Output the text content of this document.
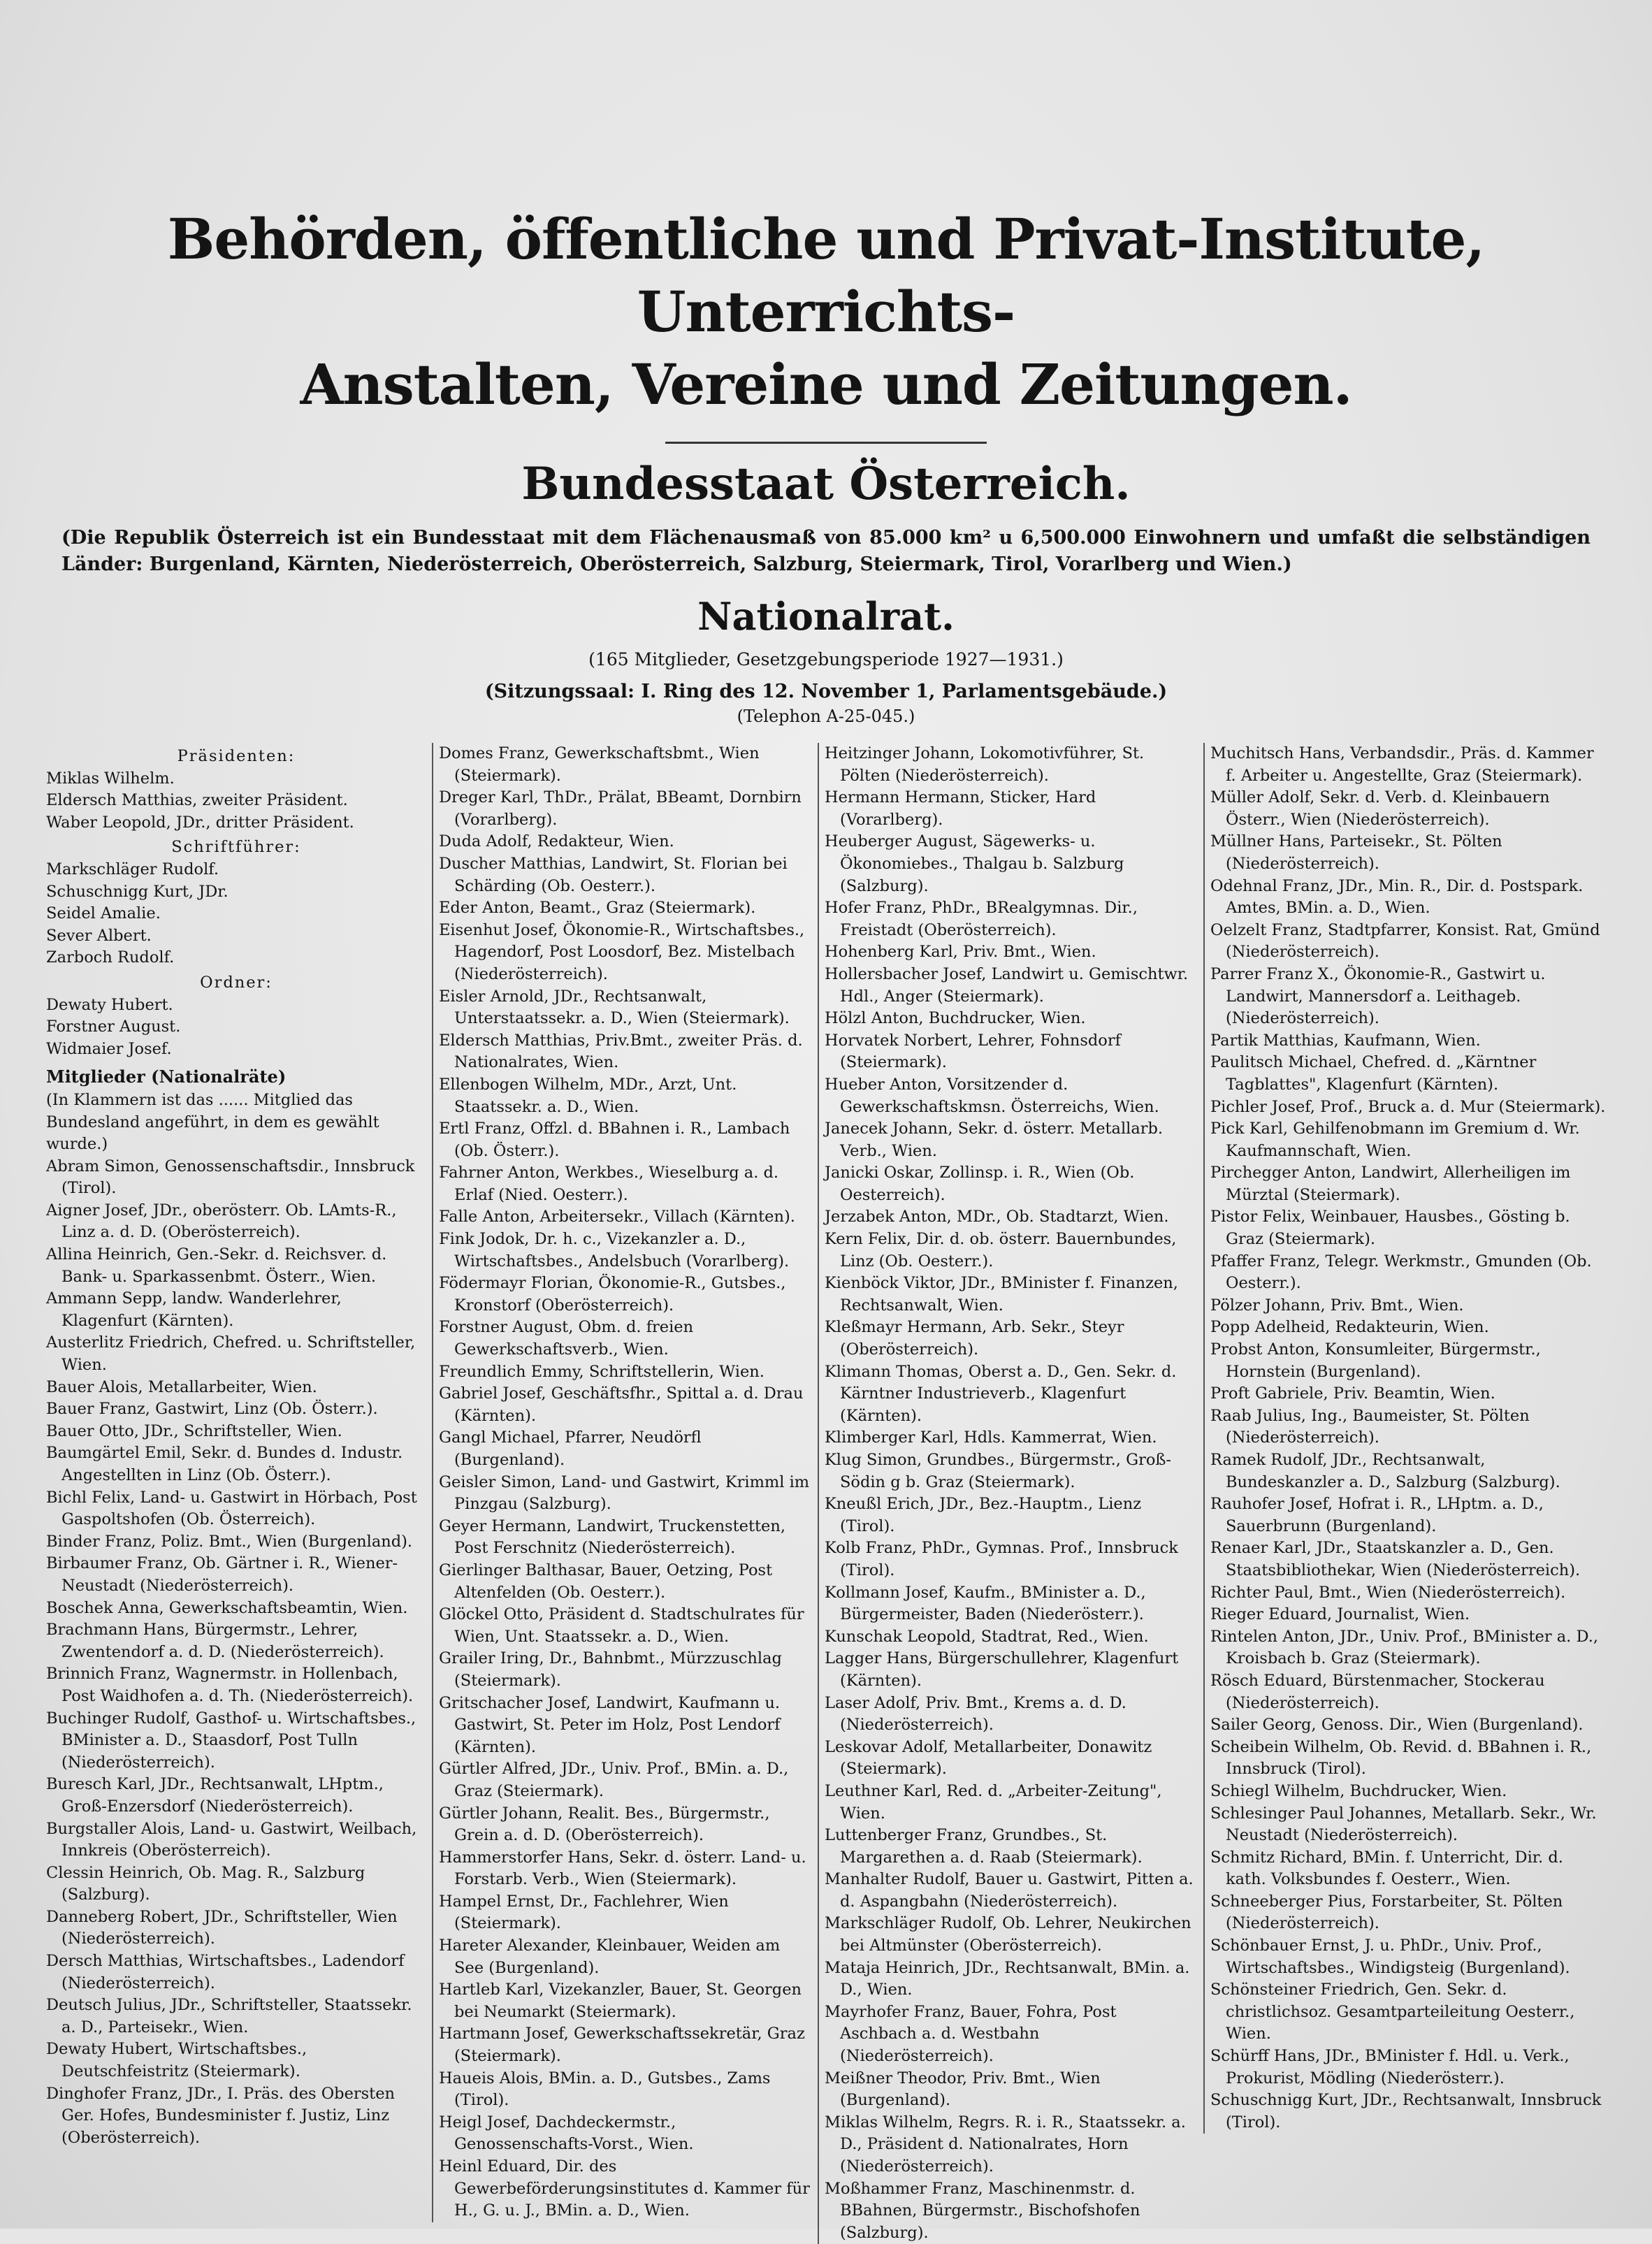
Behörden, öffentliche und Privat-Institute, Unterrichts-
Anstalten, Vereine und Zeitungen.
Bundesstaat Österreich.
(Die Republik Österreich ist ein Bundesstaat mit dem Flächenausmaß von 85.000 km² u 6,500.000 Einwohnern und umfaßt die selbständigen Länder: Burgenland, Kärnten, Niederösterreich, Oberösterreich, Salzburg, Steiermark, Tirol, Vorarlberg und Wien.)
Nationalrat.
(165 Mitglieder, Gesetzgebungsperiode 1927—1931.)
(Sitzungssaal: I. Ring des 12. November 1, Parlamentsgebäude.)
(Telephon A-25-045.)
Präsidenten:
Miklas Wilhelm.
Eldersch Matthias, zweiter Präsident.
Waber Leopold, JDr., dritter Präsident.
Schriftführer:
Markschläger Rudolf.
Schuschnigg Kurt, JDr.
Seidel Amalie.
Sever Albert.
Zarboch Rudolf.
Ordner:
Dewaty Hubert.
Forstner August.
Widmaier Josef.
Mitglieder (Nationalräte)
(In Klammern ist das ...... Mitglied das Bundesland angeführt, in dem es gewählt wurde.)
Abram Simon, Genossenschaftsdir., Innsbruck (Tirol).
Aigner Josef, JDr., oberösterr. Ob. LAmts-R., Linz a. d. D. (Oberösterreich).
Allina Heinrich, Gen.-Sekr. d. Reichsver. d. Bank- u. Sparkassenbmt. Österr., Wien.
Ammann Sepp, landw. Wanderlehrer, Klagenfurt (Kärnten).
Austerlitz Friedrich, Chefred. u. Schriftsteller, Wien.
Bauer Alois, Metallarbeiter, Wien.
Bauer Franz, Gastwirt, Linz (Ob. Österr.).
Bauer Otto, JDr., Schriftsteller, Wien.
Baumgärtel Emil, Sekr. d. Bundes d. Industr. Angestellten in Linz (Ob. Österr.).
Bichl Felix, Land- u. Gastwirt in Hörbach, Post Gaspoltshofen (Ob. Österreich).
Binder Franz, Poliz. Bmt., Wien (Burgenland).
Birbaumer Franz, Ob. Gärtner i. R., Wiener-Neustadt (Niederösterreich).
Boschek Anna, Gewerkschaftsbeamtin, Wien.
Brachmann Hans, Bürgermstr., Lehrer, Zwentendorf a. d. D. (Niederösterreich).
Brinnich Franz, Wagnermstr. in Hollenbach, Post Waidhofen a. d. Th. (Niederösterreich).
Buchinger Rudolf, Gasthof- u. Wirtschaftsbes., BMinister a. D., Staasdorf, Post Tulln (Niederösterreich).
Buresch Karl, JDr., Rechtsanwalt, LHptm., Groß-Enzersdorf (Niederösterreich).
Burgstaller Alois, Land- u. Gastwirt, Weilbach, Innkreis (Oberösterreich).
Clessin Heinrich, Ob. Mag. R., Salzburg (Salzburg).
Danneberg Robert, JDr., Schriftsteller, Wien (Niederösterreich).
Dersch Matthias, Wirtschaftsbes., Ladendorf (Niederösterreich).
Deutsch Julius, JDr., Schriftsteller, Staatssekr. a. D., Parteisekr., Wien.
Dewaty Hubert, Wirtschaftsbes., Deutschfeistritz (Steiermark).
Dinghofer Franz, JDr., I. Präs. des Obersten Ger. Hofes, Bundesminister f. Justiz, Linz (Oberösterreich).
Domes Franz, Gewerkschaftsbmt., Wien (Steiermark).
Dreger Karl, ThDr., Prälat, BBeamt, Dornbirn (Vorarlberg).
Duda Adolf, Redakteur, Wien.
Duscher Matthias, Landwirt, St. Florian bei Schärding (Ob. Oesterr.).
Eder Anton, Beamt., Graz (Steiermark).
Eisenhut Josef, Ökonomie-R., Wirtschaftsbes., Hagendorf, Post Loosdorf, Bez. Mistelbach (Niederösterreich).
Eisler Arnold, JDr., Rechtsanwalt, Unterstaatssekr. a. D., Wien (Steiermark).
Eldersch Matthias, Priv.Bmt., zweiter Präs. d. Nationalrates, Wien.
Ellenbogen Wilhelm, MDr., Arzt, Unt. Staatssekr. a. D., Wien.
Ertl Franz, Offzl. d. BBahnen i. R., Lambach (Ob. Österr.).
Fahrner Anton, Werkbes., Wieselburg a. d. Erlaf (Nied. Oesterr.).
Falle Anton, Arbeitersekr., Villach (Kärnten).
Fink Jodok, Dr. h. c., Vizekanzler a. D., Wirtschaftsbes., Andelsbuch (Vorarlberg).
Födermayr Florian, Ökonomie-R., Gutsbes., Kronstorf (Oberösterreich).
Forstner August, Obm. d. freien Gewerkschaftsverb., Wien.
Freundlich Emmy, Schriftstellerin, Wien.
Gabriel Josef, Geschäftsfhr., Spittal a. d. Drau (Kärnten).
Gangl Michael, Pfarrer, Neudörfl (Burgenland).
Geisler Simon, Land- und Gastwirt, Krimml im Pinzgau (Salzburg).
Geyer Hermann, Landwirt, Truckenstetten, Post Ferschnitz (Niederösterreich).
Gierlinger Balthasar, Bauer, Oetzing, Post Altenfelden (Ob. Oesterr.).
Glöckel Otto, Präsident d. Stadtschulrates für Wien, Unt. Staatssekr. a. D., Wien.
Grailer Iring, Dr., Bahnbmt., Mürzzuschlag (Steiermark).
Gritschacher Josef, Landwirt, Kaufmann u. Gastwirt, St. Peter im Holz, Post Lendorf (Kärnten).
Gürtler Alfred, JDr., Univ. Prof., BMin. a. D., Graz (Steiermark).
Gürtler Johann, Realit. Bes., Bürgermstr., Grein a. d. D. (Oberösterreich).
Hammerstorfer Hans, Sekr. d. österr. Land- u. Forstarb. Verb., Wien (Steiermark).
Hampel Ernst, Dr., Fachlehrer, Wien (Steiermark).
Hareter Alexander, Kleinbauer, Weiden am See (Burgenland).
Hartleb Karl, Vizekanzler, Bauer, St. Georgen bei Neumarkt (Steiermark).
Hartmann Josef, Gewerkschaftssekretär, Graz (Steiermark).
Haueis Alois, BMin. a. D., Gutsbes., Zams (Tirol).
Heigl Josef, Dachdeckermstr., Genossenschafts-Vorst., Wien.
Heinl Eduard, Dir. des Gewerbeförderungsinstitutes d. Kammer für H., G. u. J., BMin. a. D., Wien.
Heitzinger Johann, Lokomotivführer, St. Pölten (Niederösterreich).
Hermann Hermann, Sticker, Hard (Vorarlberg).
Heuberger August, Sägewerks- u. Ökonomiebes., Thalgau b. Salzburg (Salzburg).
Hofer Franz, PhDr., BRealgymnas. Dir., Freistadt (Oberösterreich).
Hohenberg Karl, Priv. Bmt., Wien.
Hollersbacher Josef, Landwirt u. Gemischtwr. Hdl., Anger (Steiermark).
Hölzl Anton, Buchdrucker, Wien.
Horvatek Norbert, Lehrer, Fohnsdorf (Steiermark).
Hueber Anton, Vorsitzender d. Gewerkschaftskmsn. Österreichs, Wien.
Janecek Johann, Sekr. d. österr. Metallarb. Verb., Wien.
Janicki Oskar, Zollinsp. i. R., Wien (Ob. Oesterreich).
Jerzabek Anton, MDr., Ob. Stadtarzt, Wien.
Kern Felix, Dir. d. ob. österr. Bauernbundes, Linz (Ob. Oesterr.).
Kienböck Viktor, JDr., BMinister f. Finanzen, Rechtsanwalt, Wien.
Kleßmayr Hermann, Arb. Sekr., Steyr (Oberösterreich).
Klimann Thomas, Oberst a. D., Gen. Sekr. d. Kärntner Industrieverb., Klagenfurt (Kärnten).
Klimberger Karl, Hdls. Kammerrat, Wien.
Klug Simon, Grundbes., Bürgermstr., Groß-Södin g b. Graz (Steiermark).
Kneußl Erich, JDr., Bez.-Hauptm., Lienz (Tirol).
Kolb Franz, PhDr., Gymnas. Prof., Innsbruck (Tirol).
Kollmann Josef, Kaufm., BMinister a. D., Bürgermeister, Baden (Niederösterr.).
Kunschak Leopold, Stadtrat, Red., Wien.
Lagger Hans, Bürgerschullehrer, Klagenfurt (Kärnten).
Laser Adolf, Priv. Bmt., Krems a. d. D. (Niederösterreich).
Leskovar Adolf, Metallarbeiter, Donawitz (Steiermark).
Leuthner Karl, Red. d. „Arbeiter-Zeitung", Wien.
Luttenberger Franz, Grundbes., St. Margarethen a. d. Raab (Steiermark).
Manhalter Rudolf, Bauer u. Gastwirt, Pitten a. d. Aspangbahn (Niederösterreich).
Markschläger Rudolf, Ob. Lehrer, Neukirchen bei Altmünster (Oberösterreich).
Mataja Heinrich, JDr., Rechtsanwalt, BMin. a. D., Wien.
Mayrhofer Franz, Bauer, Fohra, Post Aschbach a. d. Westbahn (Niederösterreich).
Meißner Theodor, Priv. Bmt., Wien (Burgenland).
Miklas Wilhelm, Regrs. R. i. R., Staatssekr. a. D., Präsident d. Nationalrates, Horn (Niederösterreich).
Moßhammer Franz, Maschinenmstr. d. BBahnen, Bürgermstr., Bischofshofen (Salzburg).
Muchitsch Hans, Verbandsdir., Präs. d. Kammer f. Arbeiter u. Angestellte, Graz (Steiermark).
Müller Adolf, Sekr. d. Verb. d. Kleinbauern Österr., Wien (Niederösterreich).
Müllner Hans, Parteisekr., St. Pölten (Niederösterreich).
Odehnal Franz, JDr., Min. R., Dir. d. Postspark. Amtes, BMin. a. D., Wien.
Oelzelt Franz, Stadtpfarrer, Konsist. Rat, Gmünd (Niederösterreich).
Parrer Franz X., Ökonomie-R., Gastwirt u. Landwirt, Mannersdorf a. Leithageb. (Niederösterreich).
Partik Matthias, Kaufmann, Wien.
Paulitsch Michael, Chefred. d. „Kärntner Tagblattes", Klagenfurt (Kärnten).
Pichler Josef, Prof., Bruck a. d. Mur (Steiermark).
Pick Karl, Gehilfenobmann im Gremium d. Wr. Kaufmannschaft, Wien.
Pirchegger Anton, Landwirt, Allerheiligen im Mürztal (Steiermark).
Pistor Felix, Weinbauer, Hausbes., Gösting b. Graz (Steiermark).
Pfaffer Franz, Telegr. Werkmstr., Gmunden (Ob. Oesterr.).
Pölzer Johann, Priv. Bmt., Wien.
Popp Adelheid, Redakteurin, Wien.
Probst Anton, Konsumleiter, Bürgermstr., Hornstein (Burgenland).
Proft Gabriele, Priv. Beamtin, Wien.
Raab Julius, Ing., Baumeister, St. Pölten (Niederösterreich).
Ramek Rudolf, JDr., Rechtsanwalt, Bundeskanzler a. D., Salzburg (Salzburg).
Rauhofer Josef, Hofrat i. R., LHptm. a. D., Sauerbrunn (Burgenland).
Renaer Karl, JDr., Staatskanzler a. D., Gen. Staatsbibliothekar, Wien (Niederösterreich).
Richter Paul, Bmt., Wien (Niederösterreich).
Rieger Eduard, Journalist, Wien.
Rintelen Anton, JDr., Univ. Prof., BMinister a. D., Kroisbach b. Graz (Steiermark).
Rösch Eduard, Bürstenmacher, Stockerau (Niederösterreich).
Sailer Georg, Genoss. Dir., Wien (Burgenland).
Scheibein Wilhelm, Ob. Revid. d. BBahnen i. R., Innsbruck (Tirol).
Schiegl Wilhelm, Buchdrucker, Wien.
Schlesinger Paul Johannes, Metallarb. Sekr., Wr. Neustadt (Niederösterreich).
Schmitz Richard, BMin. f. Unterricht, Dir. d. kath. Volksbundes f. Oesterr., Wien.
Schneeberger Pius, Forstarbeiter, St. Pölten (Niederösterreich).
Schönbauer Ernst, J. u. PhDr., Univ. Prof., Wirtschaftsbes., Windigsteig (Burgenland).
Schönsteiner Friedrich, Gen. Sekr. d. christlichsoz. Gesamtparteileitung Oesterr., Wien.
Schürff Hans, JDr., BMinister f. Hdl. u. Verk., Prokurist, Mödling (Niederösterr.).
Schuschnigg Kurt, JDr., Rechtsanwalt, Innsbruck (Tirol).
